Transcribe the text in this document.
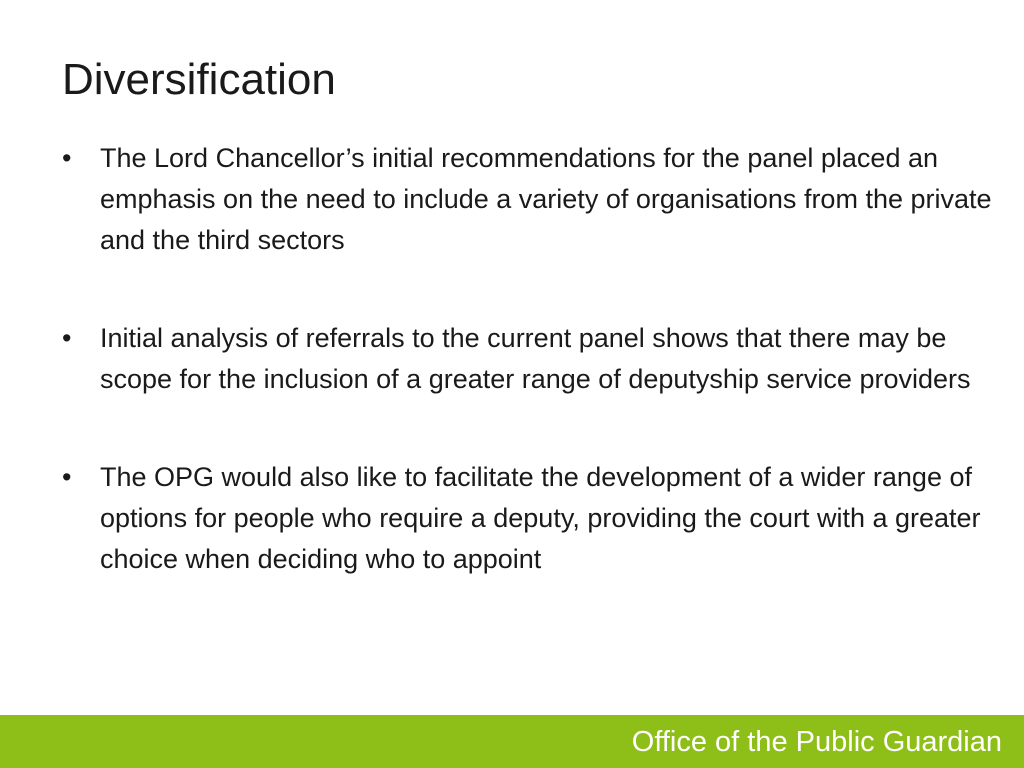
Diversification
•	The Lord Chancellor’s initial recommendations for the panel placed an emphasis on the need to include a variety of organisations from the private and the third sectors
•	Initial analysis of referrals to the current panel shows that there may be scope for the inclusion of a greater range of deputyship service providers
•	The OPG would also like to facilitate the development of a wider range of options for people who require a deputy, providing the court with a greater choice when deciding who to appoint
Office of the Public Guardian
